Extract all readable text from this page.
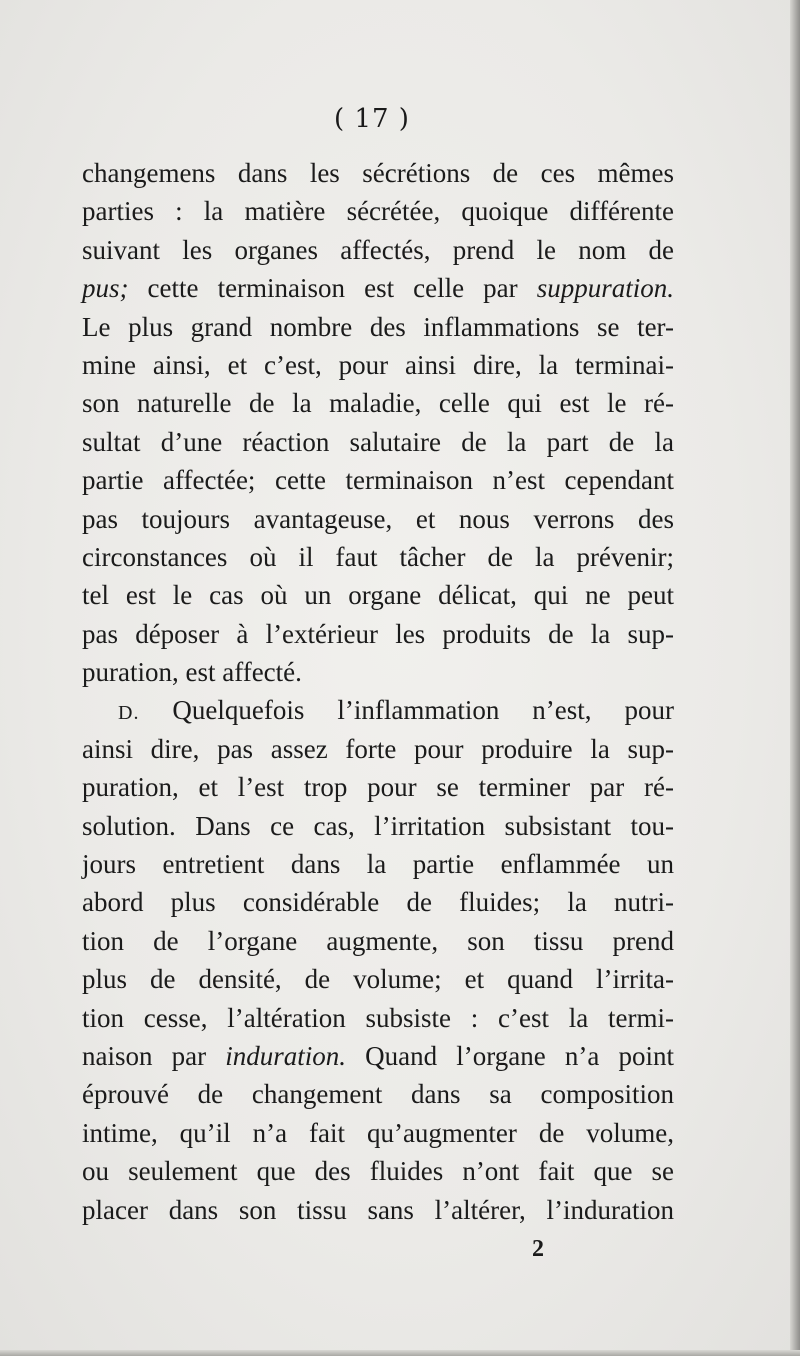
( 17 )
changemens dans les sécrétions de ces mêmes
parties : la matière sécrétée, quoique différente
suivant les organes affectés, prend le nom de
pus; cette terminaison est celle par suppuration.
Le plus grand nombre des inflammations se ter-
mine ainsi, et c’est, pour ainsi dire, la terminai-
son naturelle de la maladie, celle qui est le ré-
sultat d’une réaction salutaire de la part de la
partie affectée; cette terminaison n’est cependant
pas toujours avantageuse, et nous verrons des
circonstances où il faut tâcher de la prévenir;
tel est le cas où un organe délicat, qui ne peut
pas déposer à l’extérieur les produits de la sup-
puration, est affecté.
D. Quelquefois l’inflammation n’est, pour
ainsi dire, pas assez forte pour produire la sup-
puration, et l’est trop pour se terminer par ré-
solution. Dans ce cas, l’irritation subsistant tou-
jours entretient dans la partie enflammée un
abord plus considérable de fluides; la nutri-
tion de l’organe augmente, son tissu prend
plus de densité, de volume; et quand l’irrita-
tion cesse, l’altération subsiste : c’est la termi-
naison par induration. Quand l’organe n’a point
éprouvé de changement dans sa composition
intime, qu’il n’a fait qu’augmenter de volume,
ou seulement que des fluides n’ont fait que se
placer dans son tissu sans l’altérer, l’induration
2
